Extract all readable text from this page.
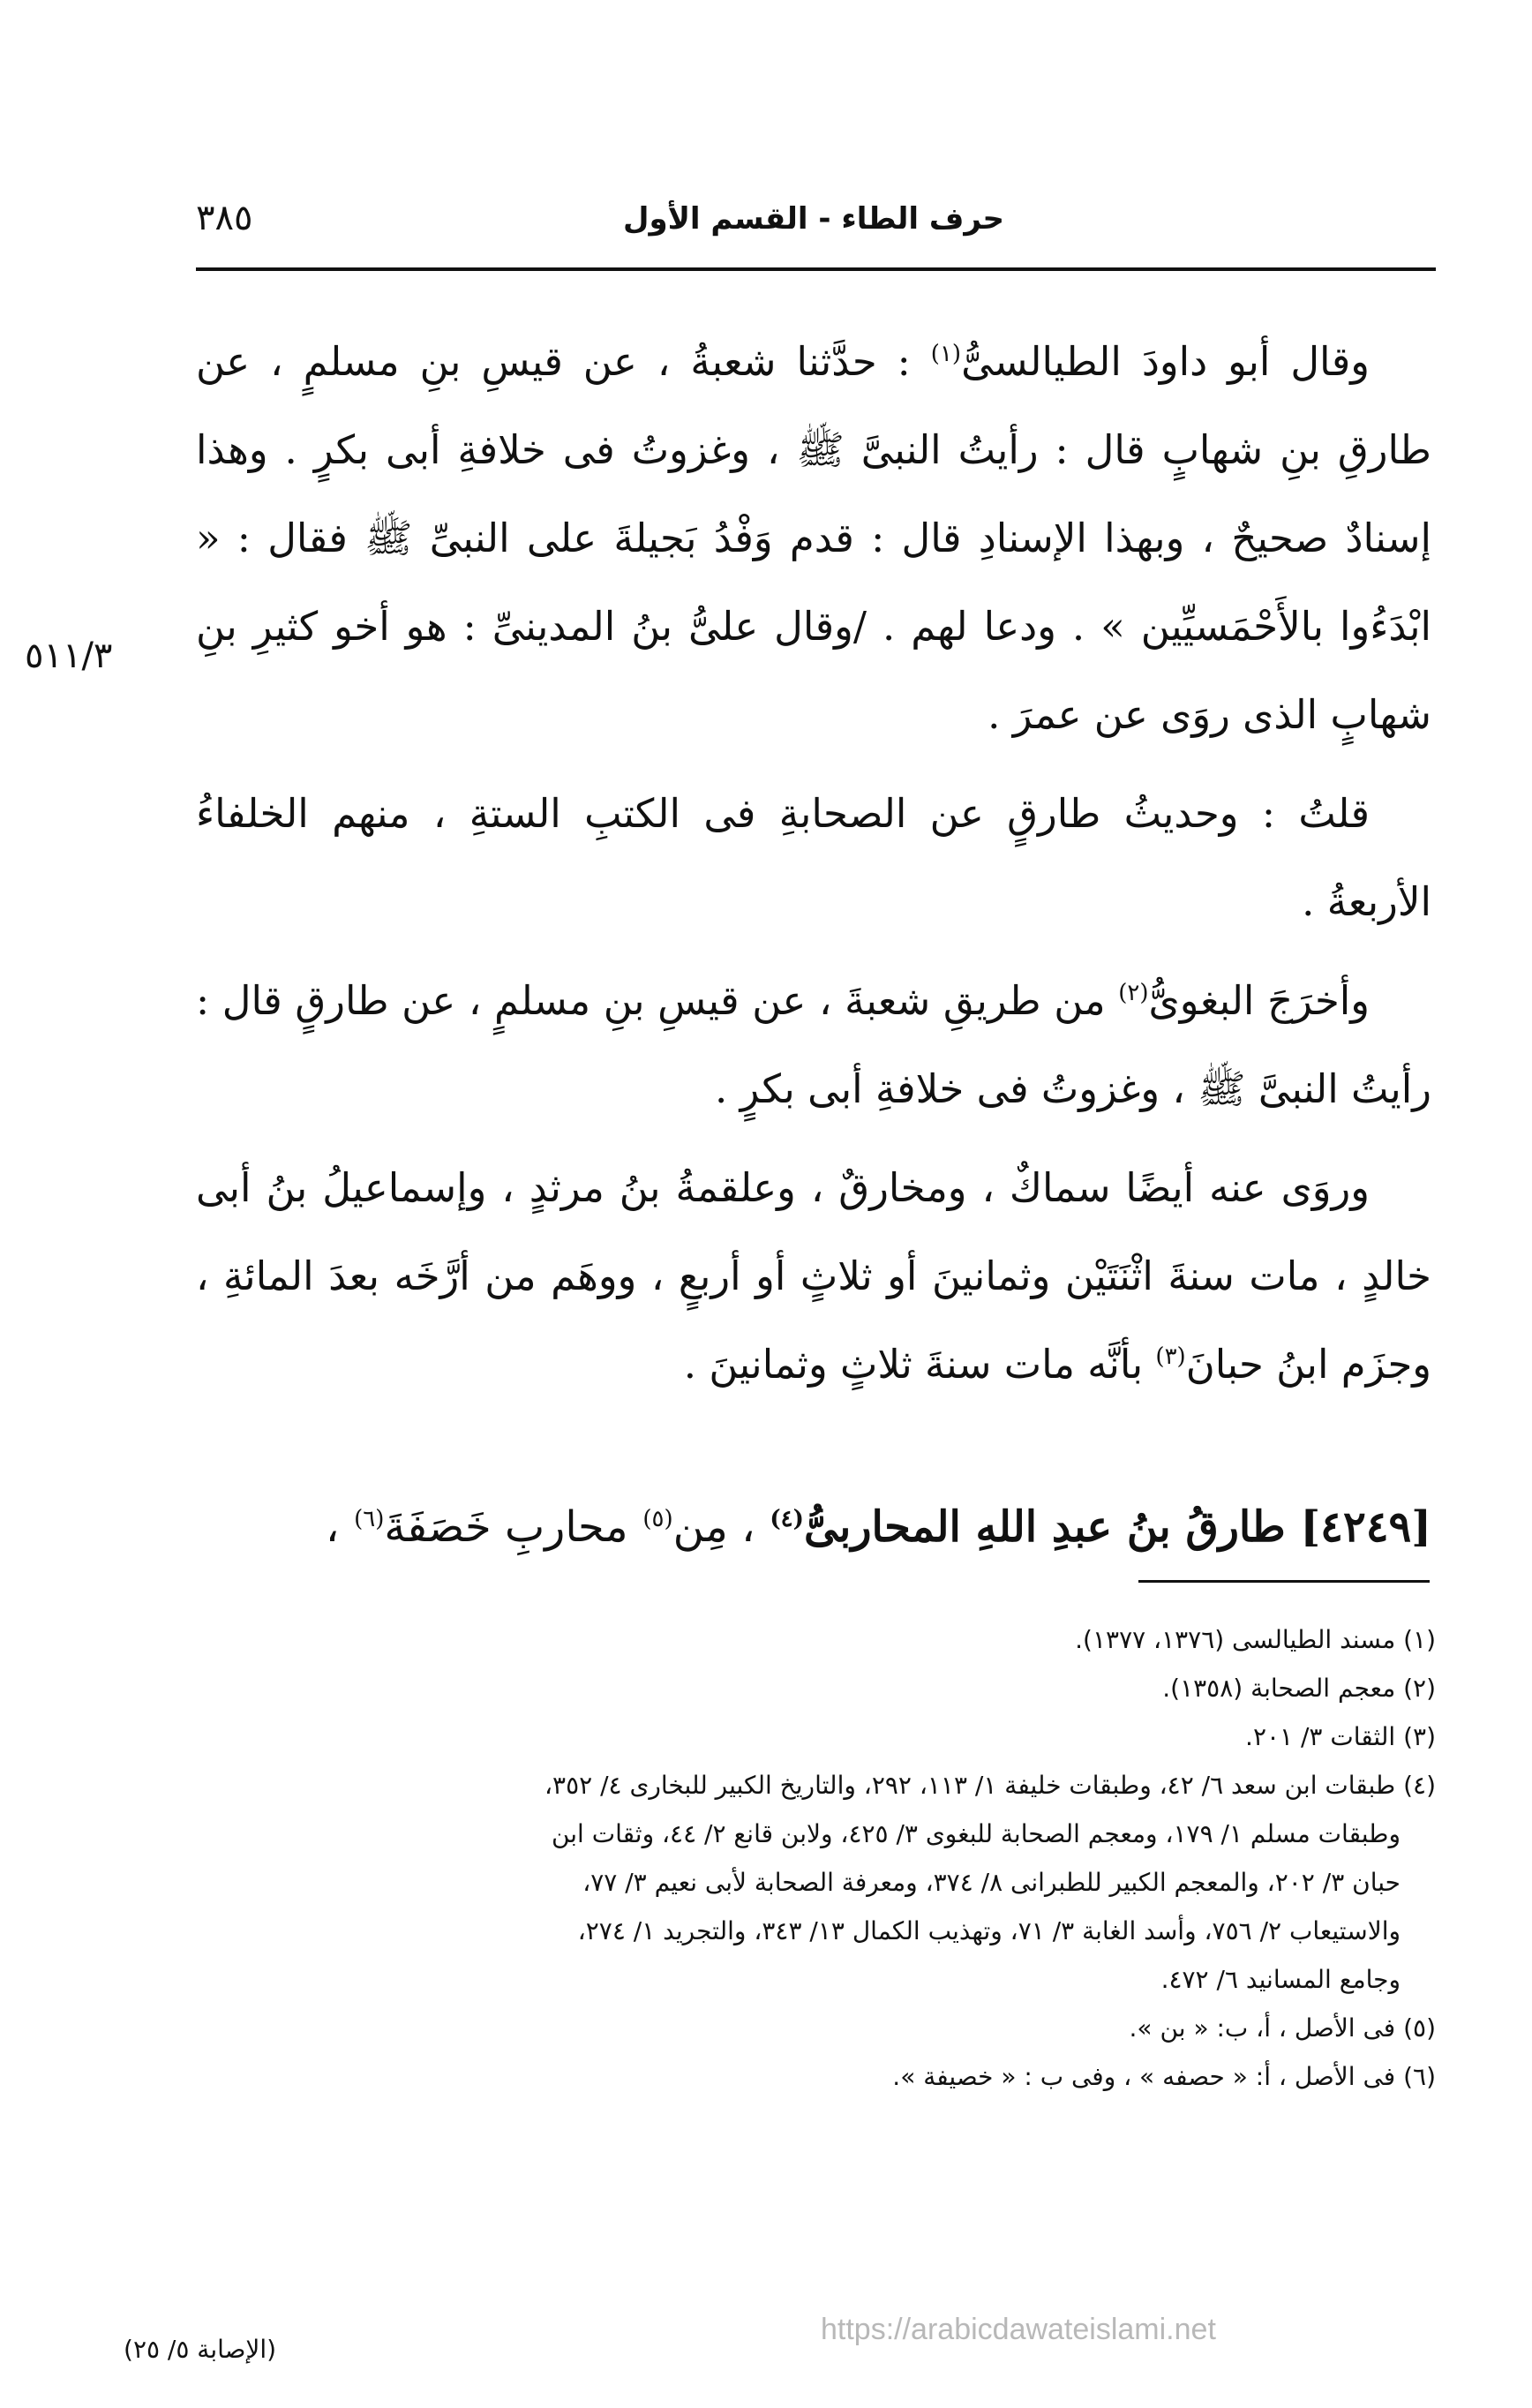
حرف الطاء - القسم الأول
٣٨٥
٥١١/٣

وقال أبو داودَ الطيالسىُّ$^{(١)}$ : حدَّثنا شعبةُ ، عن قيسِ بنِ مسلمٍ ، عن طارقِ بنِ شهابٍ قال : رأيتُ النبىَّ ﷺ ، وغزوتُ فى خلافةِ أبى بكرٍ . وهذا إسنادٌ صحيحٌ ، وبهذا الإسنادِ قال : قدم وَفْدُ بَجيلةَ على النبىِّ ﷺ فقال : « ابْدَءُوا بالأَحْمَسيِّين » . ودعا لهم . /وقال علىُّ بنُ المدينىِّ : هو أخو كثيرِ بنِ شهابٍ الذى روَى عن عمرَ .

قلتُ : وحديثُ طارقٍ عن الصحابةِ فى الكتبِ الستةِ ، منهم الخلفاءُ الأربعةُ .

وأخرَجَ البغوىُّ$^{(٢)}$ من طريقِ شعبةَ ، عن قيسِ بنِ مسلمٍ ، عن طارقٍ قال : رأيتُ النبىَّ ﷺ ، وغزوتُ فى خلافةِ أبى بكرٍ .

وروَى عنه أيضًا سماكٌ ، ومخارقٌ ، وعلقمةُ بنُ مرثدٍ ، وإسماعيلُ بنُ أبى خالدٍ ، مات سنةَ اثْنَتَيْن وثمانينَ أو ثلاثٍ أو أربعٍ ، ووهَم من أرَّخَه بعدَ المائةِ ، وجزَم ابنُ حبانَ$^{(٣)}$ بأنَّه مات سنةَ ثلاثٍ وثمانينَ .

[٤٢٤٩] طارقُ بنُ عبدِ اللهِ المحاربىُّ$^{(٤)}$ ، مِن$^{(٥)}$ محاربِ خَصَفَةَ$^{(٦)}$ ،

(١) مسند الطيالسى (١٣٧٦، ١٣٧٧).

(٢) معجم الصحابة (١٣٥٨).

(٣) الثقات ٣/ ٢٠١.

(٤) طبقات ابن سعد ٦/ ٤٢، وطبقات خليفة ١/ ١١٣، ٢٩٢، والتاريخ الكبير للبخارى ٤/ ٣٥٢،

وطبقات مسلم ١/ ١٧٩، ومعجم الصحابة للبغوى ٣/ ٤٢٥، ولابن قانع ٢/ ٤٤، وثقات ابن

حبان ٣/ ٢٠٢، والمعجم الكبير للطبرانى ٨/ ٣٧٤، ومعرفة الصحابة لأبى نعيم ٣/ ٧٧،

والاستيعاب ٢/ ٧٥٦، وأسد الغابة ٣/ ٧١، وتهذيب الكمال ١٣/ ٣٤٣، والتجريد ١/ ٢٧٤،

وجامع المسانيد ٦/ ٤٧٢.

(٥) فى الأصل ، أ، ب: « بن ».

(٦) فى الأصل ، أ: « حصفه » ، وفى ب : « خصيفة ».

https://arabicdawateislami.net
(الإصابة ٥/ ٢٥)
